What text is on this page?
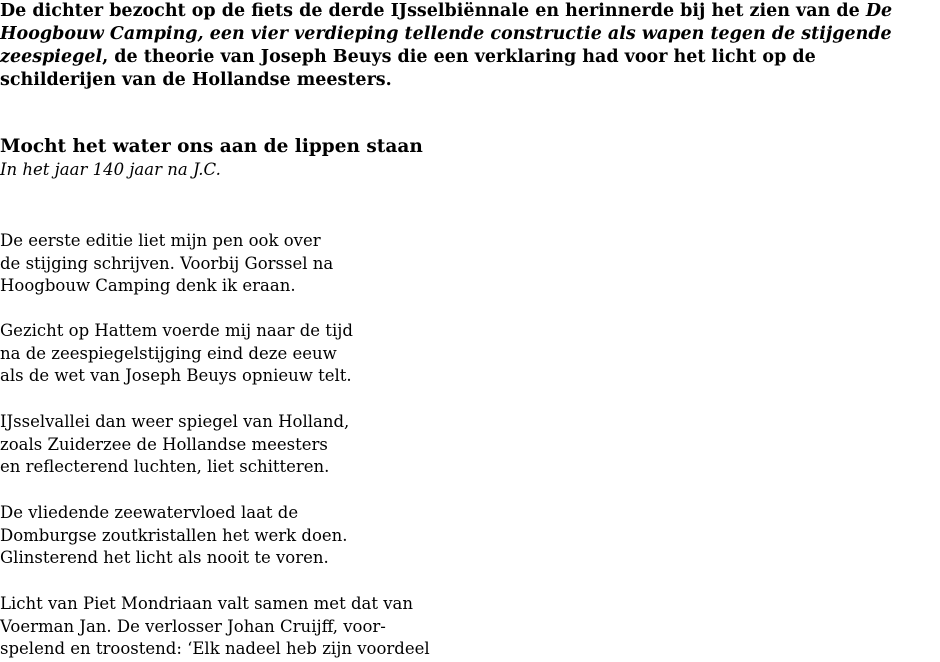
De dichter bezocht op de fiets de derde IJsselbiënnale en herinnerde bij het zien van de De Hoogbouw Camping, een vier verdieping tellende constructie als wapen tegen de stijgende zeespiegel, de theorie van Joseph Beuys die een verklaring had voor het licht op de schilderijen van de Hollandse meesters.

Mocht het water ons aan de lippen staan
In het jaar 140 jaar na J.C.
De eerste editie liet mijn pen ook over
de stijging schrijven. Voorbij Gorssel na
Hoogbouw Camping denk ik eraan.
Gezicht op Hattem voerde mij naar de tijd
na de zeespiegelstijging eind deze eeuw
als de wet van Joseph Beuys opnieuw telt.
IJsselvallei dan weer spiegel van Holland,
zoals Zuiderzee de Hollandse meesters
en reflecterend luchten, liet schitteren.
De vliedende zeewatervloed laat de
Domburgse zoutkristallen het werk doen.
Glinsterend het licht als nooit te voren.
Licht van Piet Mondriaan valt samen met dat van
Voerman Jan. De verlosser Johan Cruijff, voor-
spelend en troostend: ‘Elk nadeel heb zijn voordeel
